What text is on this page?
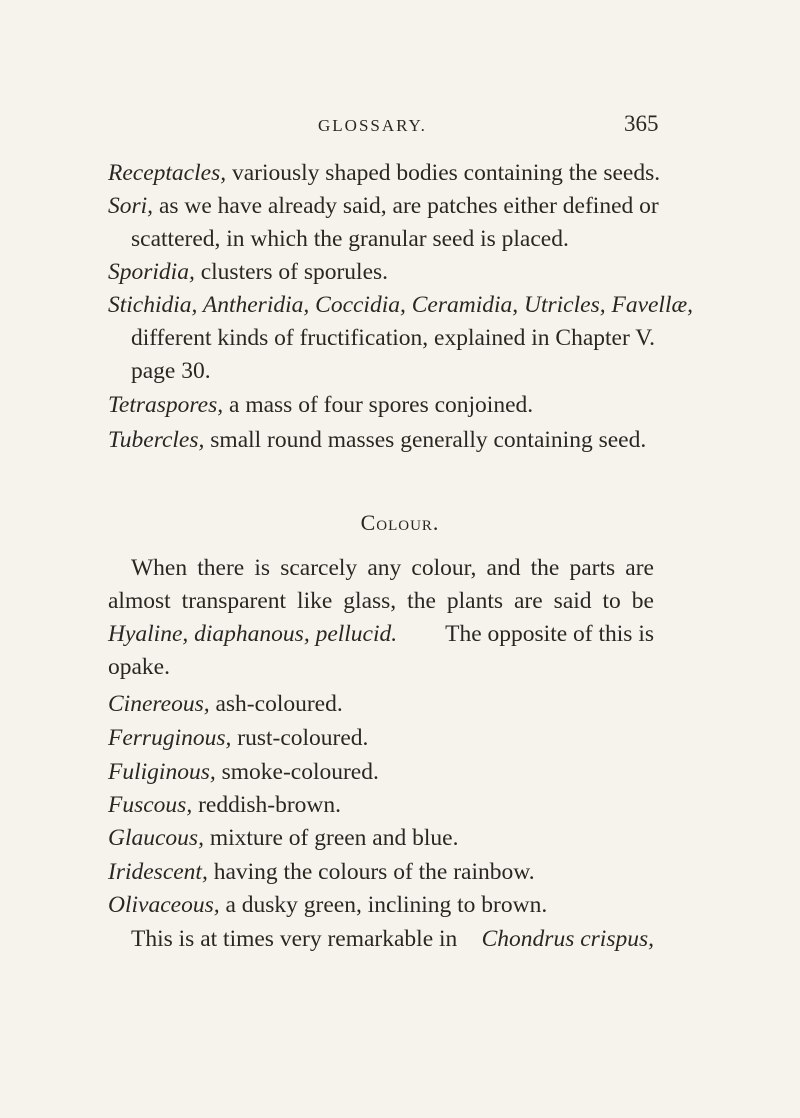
GLOSSARY.	365
Receptacles, variously shaped bodies containing the seeds.
Sori, as we have already said, are patches either defined or
scattered, in which the granular seed is placed.
Sporidia, clusters of sporules.
Stichidia, Antheridia, Coccidia, Ceramidia, Utricles, Favellæ,
different kinds of fructification, explained in Chapter V.
page 30.
Tetraspores, a mass of four spores conjoined.
Tubercles, small round masses generally containing seed.
Colour.
When there is scarcely any colour, and the parts are
almost transparent like glass, the plants are said to be
Hyaline, diaphanous, pellucid. The opposite of this is
opake.
Cinereous, ash-coloured.
Ferruginous, rust-coloured.
Fuliginous, smoke-coloured.
Fuscous, reddish-brown.
Glaucous, mixture of green and blue.
Iridescent, having the colours of the rainbow.
Olivaceous, a dusky green, inclining to brown.
This is at times very remarkable in Chondrus crispus,
